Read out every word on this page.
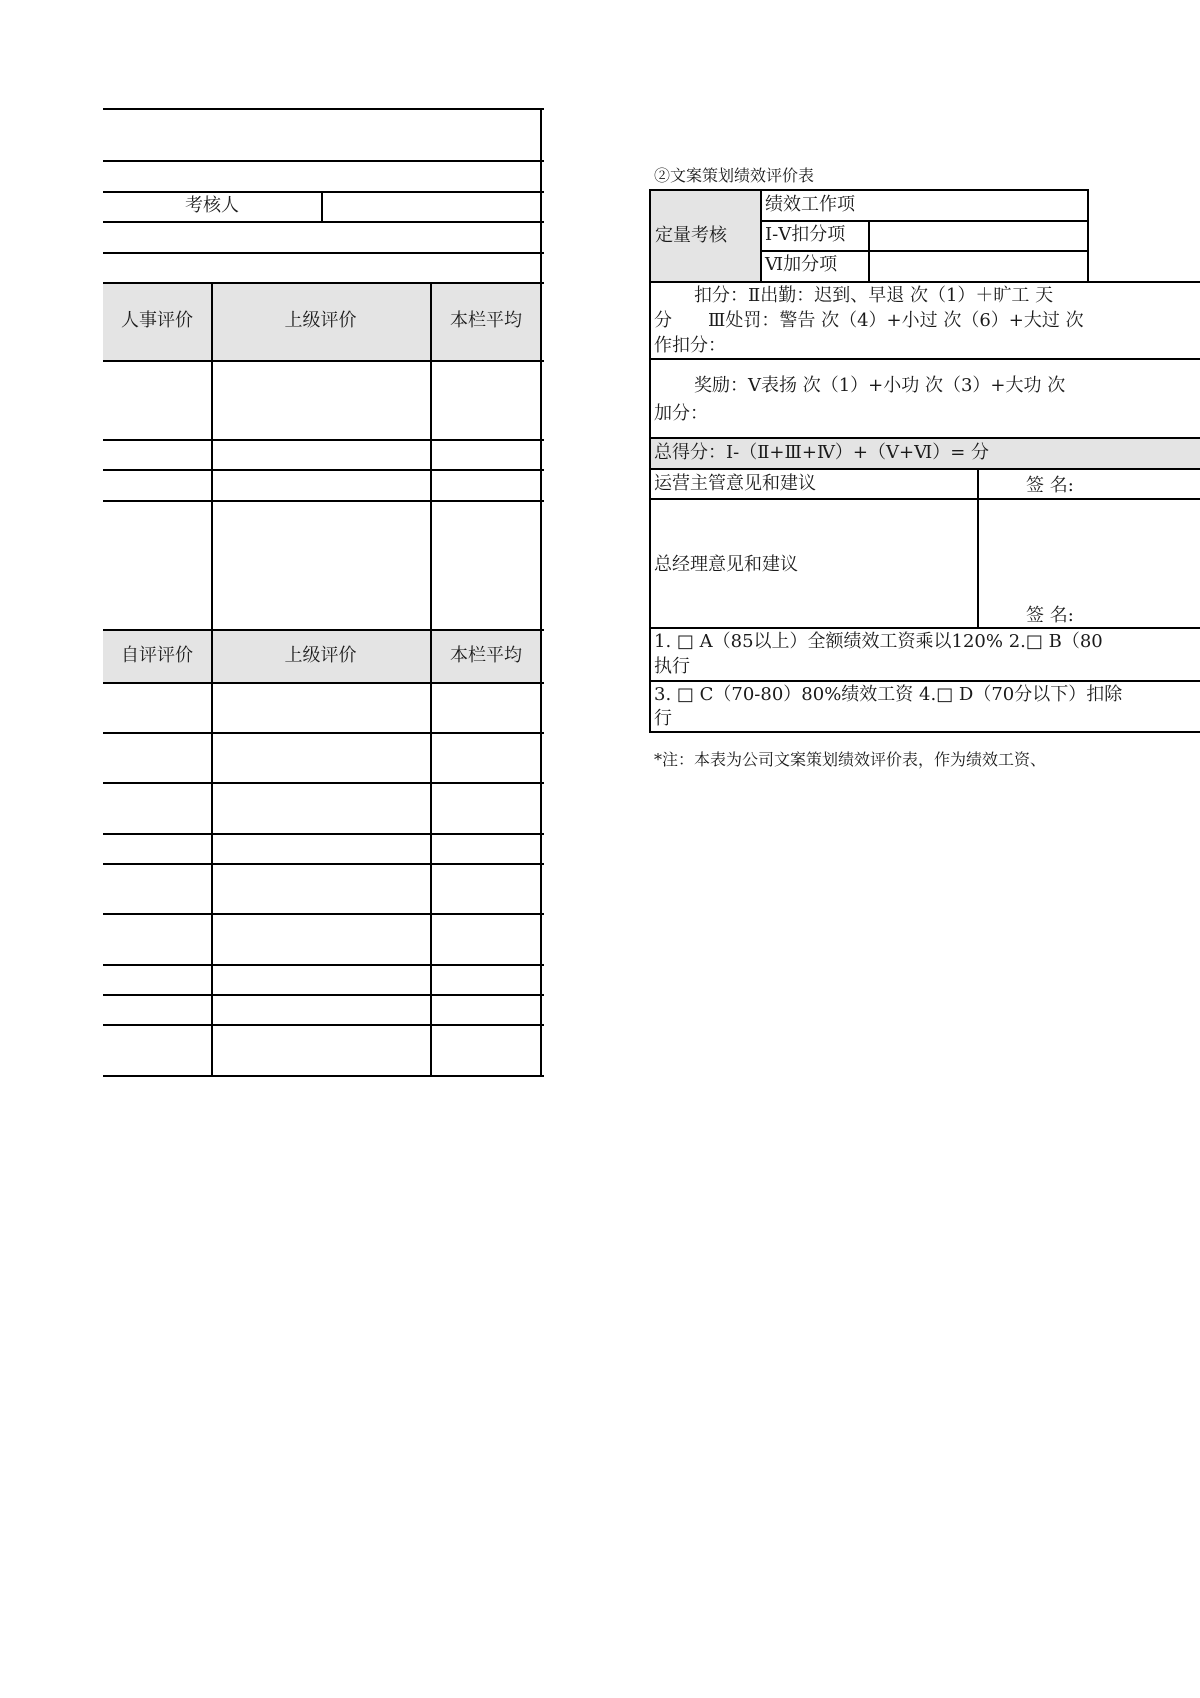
考核人
人事评价	上级评价	本栏平均
自评评价	上级评价	本栏平均
②文案策划绩效评价表
定量考核
绩效工作项
Ⅰ-Ⅴ扣分项
Ⅵ加分项
扣分：Ⅱ出勤：迟到、早退 次（1）＋旷工 天
分　　Ⅲ处罚：警告 次（4）+小过 次（6）+大过 次
作扣分：
奖励：Ⅴ表扬 次（1）+小功 次（3）+大功 次
加分：
总得分：Ⅰ-（Ⅱ+Ⅲ+Ⅳ）+（Ⅴ+Ⅵ）= 分
运营主管意见和建议	签 名:
总经理意见和建议
签 名:
1. □ A（85以上）全额绩效工资乘以120% 2.□ B（80
执行
3. □ C（70-80）80%绩效工资 4.□ D（70分以下）扣除
行
*注：本表为公司文案策划绩效评价表，作为绩效工资、
